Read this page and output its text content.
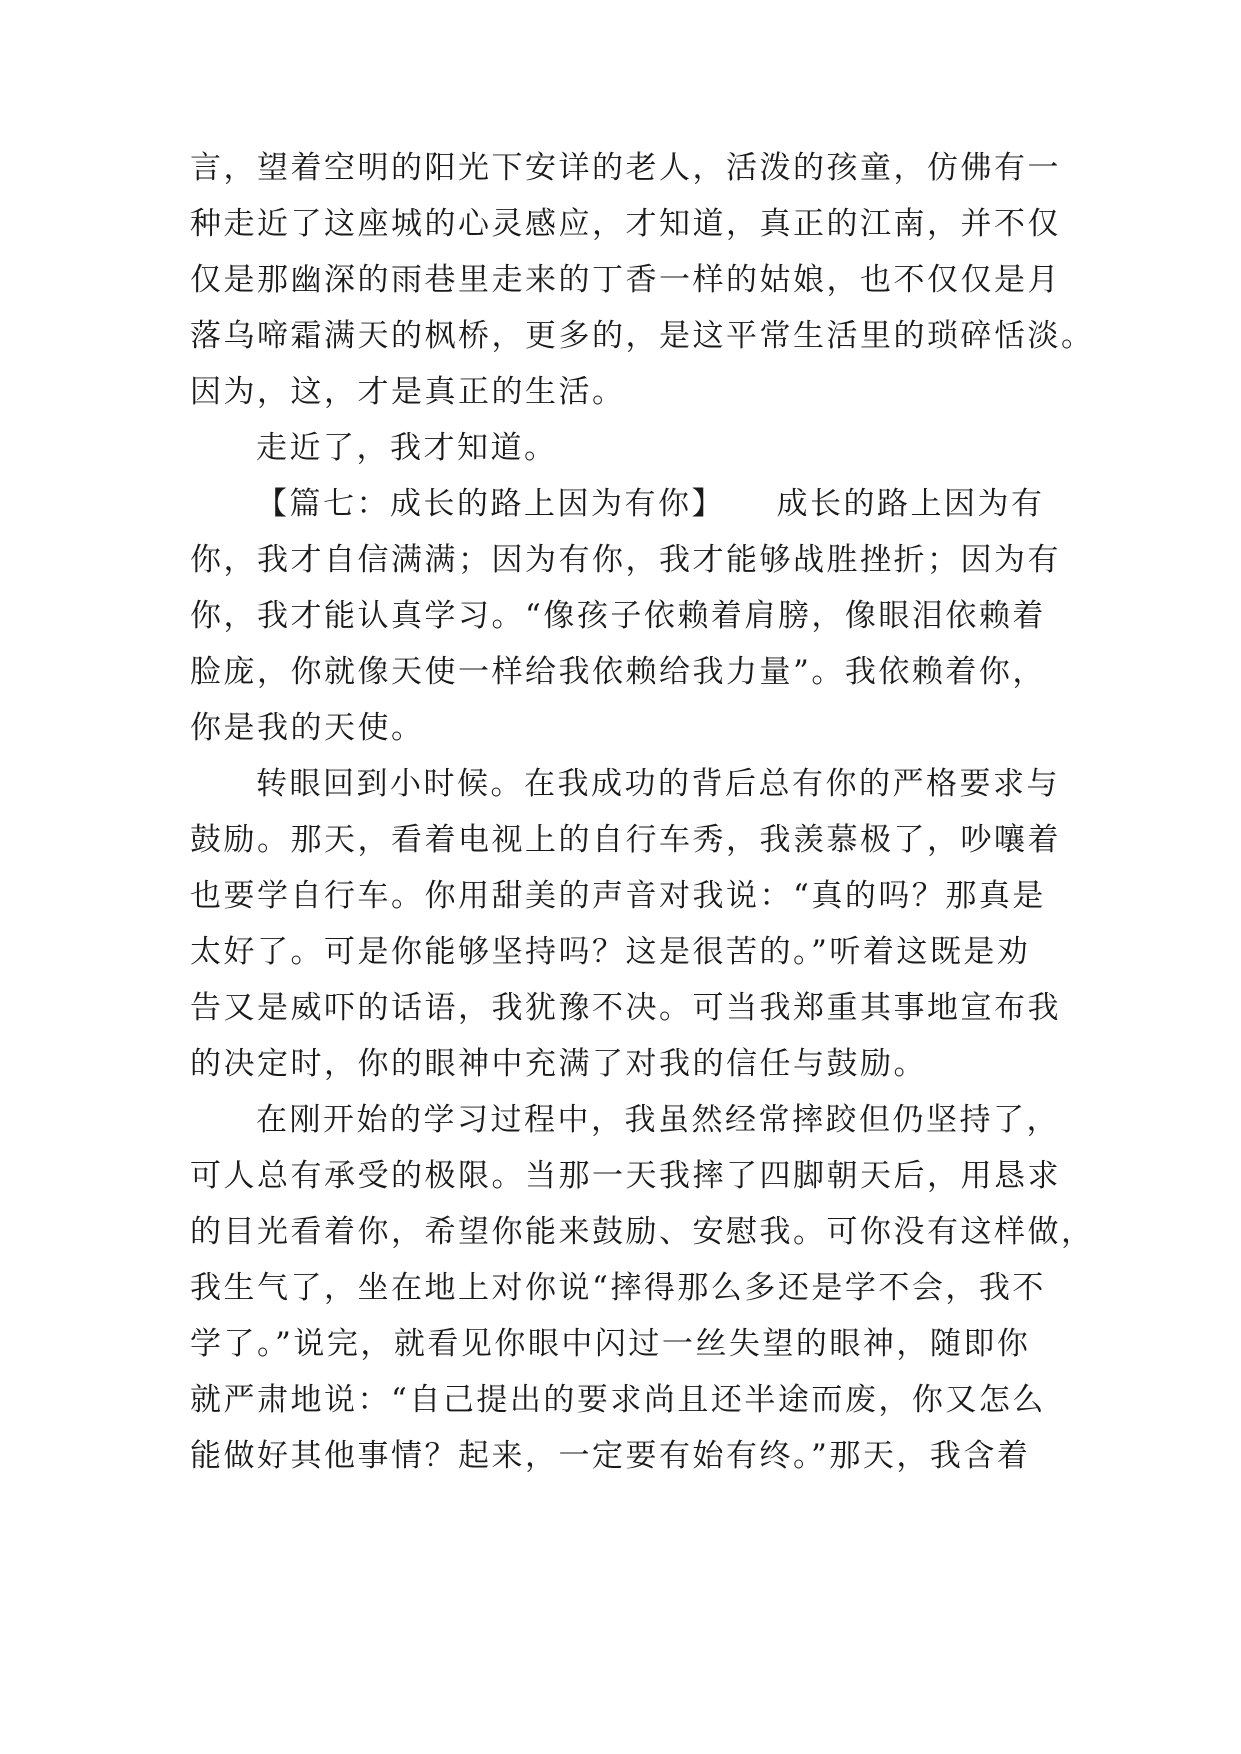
言，望着空明的阳光下安详的老人，活泼的孩童，仿佛有一
种走近了这座城的心灵感应，才知道，真正的江南，并不仅
仅是那幽深的雨巷里走来的丁香一样的姑娘，也不仅仅是月
落乌啼霜满天的枫桥，更多的，是这平常生活里的琐碎恬淡。
因为，这，才是真正的生活。
走近了，我才知道。
【篇七：成长的路上因为有你】　　成长的路上因为有
你，我才自信满满；因为有你，我才能够战胜挫折；因为有
你，我才能认真学习。“像孩子依赖着肩膀，像眼泪依赖着
脸庞，你就像天使一样给我依赖给我力量”。我依赖着你，
你是我的天使。
转眼回到小时候。在我成功的背后总有你的严格要求与
鼓励。那天，看着电视上的自行车秀，我羡慕极了，吵嚷着
也要学自行车。你用甜美的声音对我说：“真的吗？那真是
太好了。可是你能够坚持吗？这是很苦的。”听着这既是劝
告又是威吓的话语，我犹豫不决。可当我郑重其事地宣布我
的决定时，你的眼神中充满了对我的信任与鼓励。
在刚开始的学习过程中，我虽然经常摔跤但仍坚持了，
可人总有承受的极限。当那一天我摔了四脚朝天后，用恳求
的目光看着你，希望你能来鼓励、安慰我。可你没有这样做，
我生气了，坐在地上对你说“摔得那么多还是学不会，我不
学了。”说完，就看见你眼中闪过一丝失望的眼神，随即你
就严肃地说：“自己提出的要求尚且还半途而废，你又怎么
能做好其他事情？起来，一定要有始有终。”那天，我含着
